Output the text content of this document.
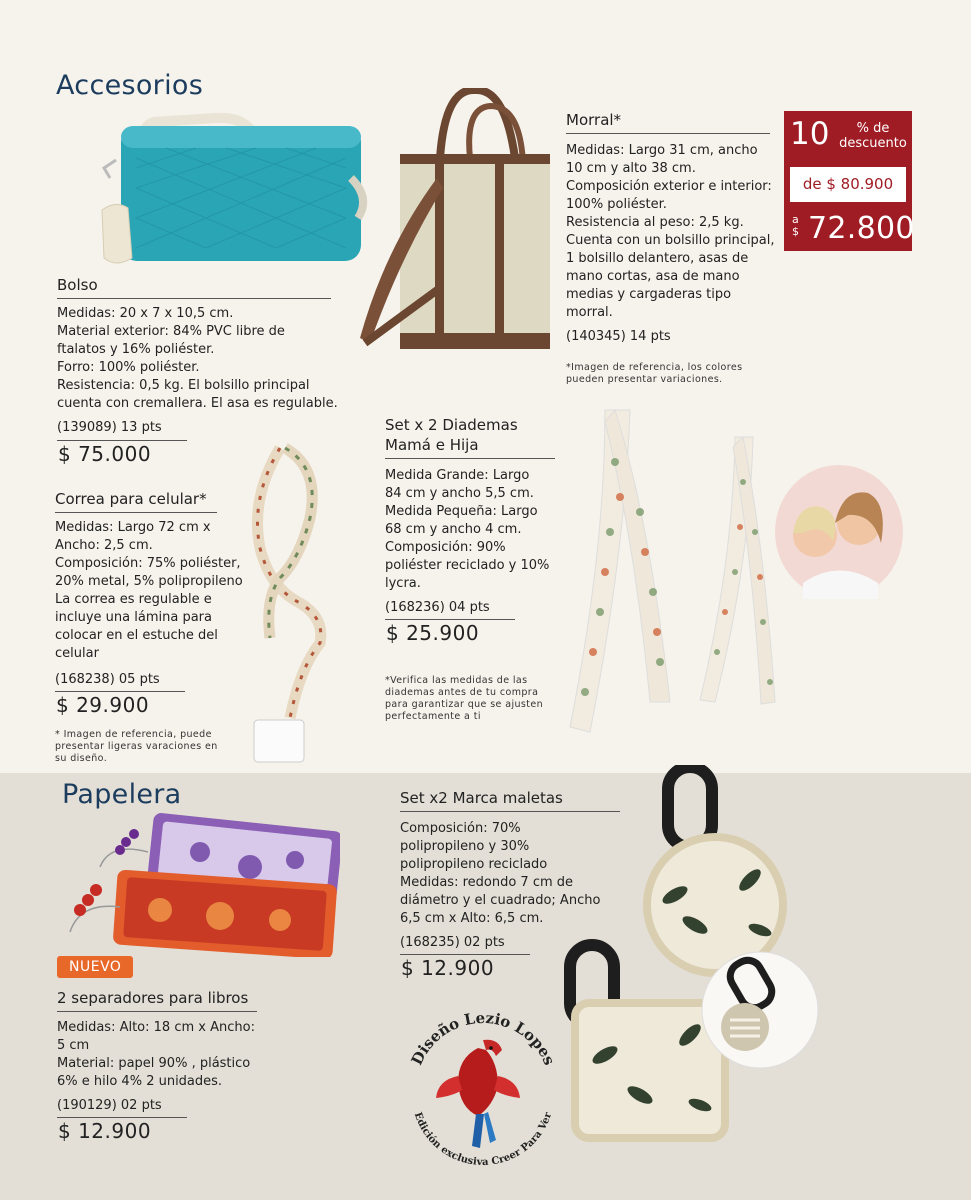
Accesorios
Papelera
Bolso
Medidas: 20 x 7 x 10,5 cm.
Material exterior: 84% PVC libre de
ftalatos y 16% poliéster.
Forro: 100% poliéster.
Resistencia: 0,5 kg. El bolsillo principal
cuenta con cremallera. El asa es regulable.
(139089) 13 pts
$ 75.000
Morral*
Medidas: Largo 31 cm, ancho
10 cm y alto 38 cm.
Composición exterior e interior:
100% poliéster.
Resistencia al peso: 2,5 kg.
Cuenta con un bolsillo principal,
1 bolsillo delantero, asas de
mano cortas, asa de mano
medias y cargaderas tipo
morral.
(140345) 14 pts
*Imagen de referencia, los colores
pueden presentar variaciones.
10	% de
descuento
de $ 80.900
a
$ 72.800
Correa para celular*
Medidas: Largo 72 cm x
Ancho: 2,5 cm.
Composición: 75% poliéster,
20% metal, 5% polipropileno
La correa es regulable e
incluye una lámina para
colocar en el estuche del
celular
(168238) 05 pts
$ 29.900
* Imagen de referencia, puede
presentar ligeras varaciones en
su diseño.
Set x 2 Diademas
Mamá e Hija
Medida Grande: Largo
84 cm y ancho 5,5 cm.
Medida Pequeña: Largo
68 cm y ancho 4 cm.
Composición: 90%
poliéster reciclado y 10%
lycra.
(168236) 04 pts
$ 25.900
*Verifica las medidas de las
diademas antes de tu compra
para garantizar que se ajusten
perfectamente a ti
NUEVO
2 separadores para libros
Medidas: Alto: 18 cm x Ancho:
5 cm
Material: papel 90% , plástico
6% e hilo 4% 2 unidades.
(190129) 02 pts
$ 12.900
Set x2 Marca maletas
Composición: 70%
polipropileno y 30%
polipropileno reciclado
Medidas: redondo 7 cm de
diámetro y el cuadrado; Ancho
6,5 cm x Alto: 6,5 cm.
(168235) 02 pts
$ 12.900
Diseño Lezio Lopes
Edición exclusiva Creer Para Ver
